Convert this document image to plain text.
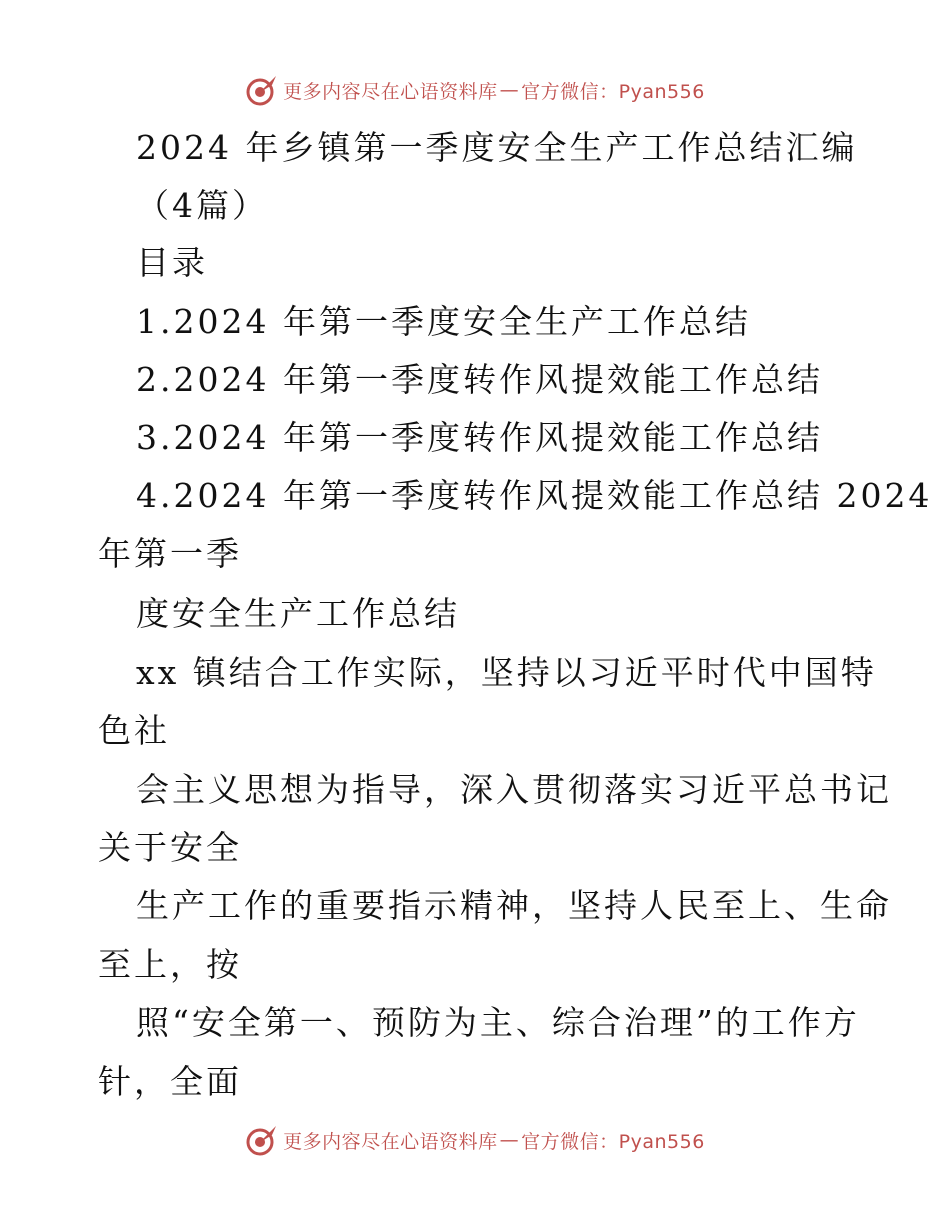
更多内容尽在心语资料库 — 官方微信：Pyan556
2024 年乡镇第一季度安全生产工作总结汇编
（4篇）
目录
1.2024 年第一季度安全生产工作总结
2.2024 年第一季度转作风提效能工作总结
3.2024 年第一季度转作风提效能工作总结
4.2024 年第一季度转作风提效能工作总结 2024
年第一季
度安全生产工作总结
xx 镇结合工作实际，坚持以习近平时代中国特
色社
会主义思想为指导，深入贯彻落实习近平总书记
关于安全
生产工作的重要指示精神，坚持人民至上、生命
至上，按
照“安全第一、预防为主、综合治理”的工作方
针，全面
更多内容尽在心语资料库 — 官方微信：Pyan556
